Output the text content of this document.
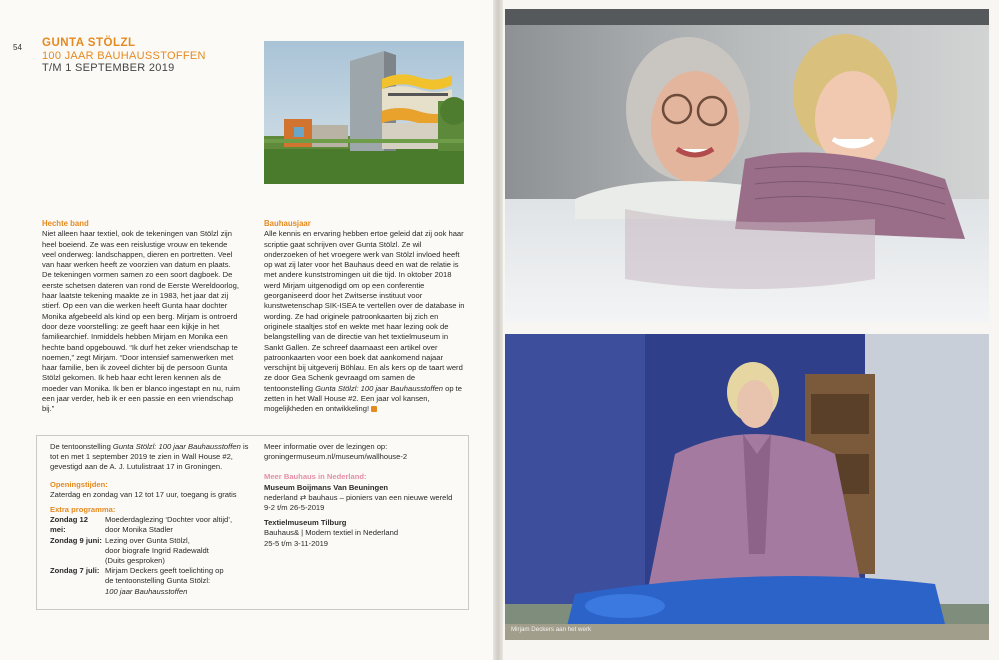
54 GUNTA STÖLZL
100 JAAR BAUHAUSSTOFFEN
T/M 1 SEPTEMBER 2019
Hechte band

Niet alleen haar textiel, ook de tekeningen van Stölzl zijn heel boeiend. Ze was een reislustige vrouw en tekende veel onderweg: landschappen, dieren en portretten. Veel van haar werken heeft ze voorzien van datum en plaats. De tekeningen vormen samen zo een soort dagboek. De eerste schetsen dateren van rond de Eerste Wereldoorlog, haar laatste tekening maakte ze in 1983, het jaar dat zij stierf. Op een van die werken heeft Gunta haar dochter Monika afgebeeld als kind op een berg. Mirjam is ontroerd door deze voorstelling: ze geeft haar een kijkje in het familiearchief. Inmiddels hebben Mirjam en Monika een hechte band opgebouwd. “Ik durf het zeker vriendschap te noemen,” zegt Mirjam. “Door intensief samenwerken met haar familie, ben ik zoveel dichter bij de persoon Gunta Stölzl gekomen. Ik heb haar echt leren kennen als de moeder van Monika. Ik ben er blanco ingestapt en nu, ruim een jaar verder, heb ik er een passie en een vriendschap bij.”

Bauhausjaar

Alle kennis en ervaring hebben ertoe geleid dat zij ook haar scriptie gaat schrijven over Gunta Stölzl. Ze wil onderzoeken of het vroegere werk van Stölzl invloed heeft op wat zij later voor het Bauhaus deed en wat de relatie is met andere kunststromingen uit die tijd. In oktober 2018 werd Mirjam uitgenodigd om op een conferentie georganiseerd door het Zwitserse instituut voor kunstwetenschap SIK-ISEA te vertellen over de database in wording. Ze had originele patroonkaarten bij zich en originele staaltjes stof en wekte met haar lezing ook de belangstelling van de directie van het textielmuseum in Sankt Gallen. Ze schreef daarnaast een artikel over patroonkaarten voor een boek dat aankomend najaar verschijnt bij uitgeverij Böhlau. En als kers op de taart werd ze door Gea Schenk gevraagd om samen de tentoonstelling Gunta Stölzl: 100 jaar Bauhausstoffen op te zetten in het Wall House #2. Een jaar vol kansen, mogelijkheden en ontwikkeling!

De tentoonstelling Gunta Stölzl: 100 jaar Bauhausstoffen is tot en met 1 september 2019 te zien in Wall House #2, gevestigd aan de A. J. Lutulistraat 17 in Groningen.
Openingstijden:
Zaterdag en zondag van 12 tot 17 uur, toegang is gratis
Extra programma:
Zondag 12 mei:
Moederdaglezing ‘Dochter voor altijd’,
door Monika Stadler
Zondag 9 juni: Lezing over Gunta Stölzl,
door biografe Ingrid Radewaldt
(Duits gesproken)
Zondag 7 juli: Mirjam Deckers geeft toelichting op
de tentoonstelling Gunta Stölzl:
100 jaar Bauhausstoffen
Meer informatie over de lezingen op:
groningermuseum.nl/museum/wallhouse-2
Meer Bauhaus in Nederland:
Museum Boijmans Van Beuningen
nederland ⇄ bauhaus – pioniers van een nieuwe wereld
9-2 t/m 26-5-2019
Textielmuseum Tilburg
Bauhaus& | Modern textiel in Nederland
25-5 t/m 3-11-2019
Monika Stadler en Mirjam Deckers in het Wall House #2
Mirjam Deckers aan het werk
